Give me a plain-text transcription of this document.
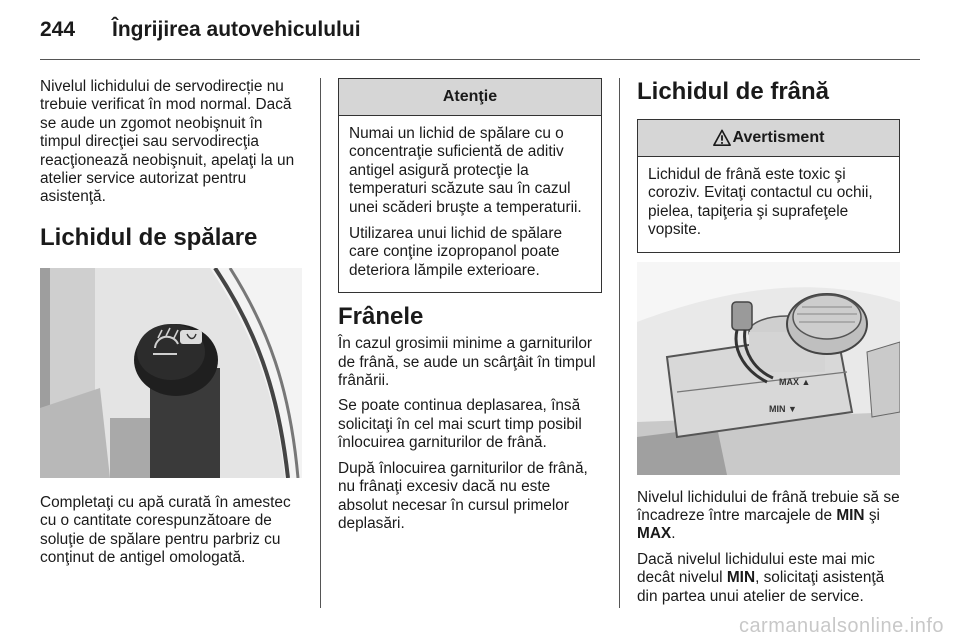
244 Îngrijirea autovehiculului

Nivelul lichidului de servodirecție nu trebuie verificat în mod normal. Dacă se aude un zgomot neobişnuit în timpul direcţiei sau servodirecţia reacţionează neobişnuit, apelaţi la un atelier service autorizat pentru asistenţă.

Lichidul de spălare

Completaţi cu apă curată în amestec cu o cantitate corespunzătoare de soluţie de spălare pentru parbriz cu conţinut de antigel omologată.

Atenţie

Numai un lichid de spălare cu o concentraţie suficientă de aditiv antigel asigură protecţie la temperaturi scăzute sau în cazul unei scăderi bruşte a temperaturii.

Utilizarea unui lichid de spălare care conţine izopropanol poate deteriora lămpile exterioare.

Frânele

În cazul grosimii minime a garniturilor de frână, se aude un scârţâit în timpul frânării.

Se poate continua deplasarea, însă solicitaţi în cel mai scurt timp posibil înlocuirea garniturilor de frână.

După înlocuirea garniturilor de frână, nu frânaţi excesiv dacă nu este absolut necesar în cursul primelor deplasări.

Lichidul de frână
Avertisment

Lichidul de frână este toxic şi coroziv. Evitaţi contactul cu ochii, pielea, tapiţeria şi suprafeţele vopsite.

MAX ▲
MIN ▼

Nivelul lichidului de frână trebuie să se încadreze între marcajele de MIN şi MAX.

Dacă nivelul lichidului este mai mic decât nivelul MIN, solicitaţi asistenţă din partea unui atelier de service.

carmanualsonline.info
